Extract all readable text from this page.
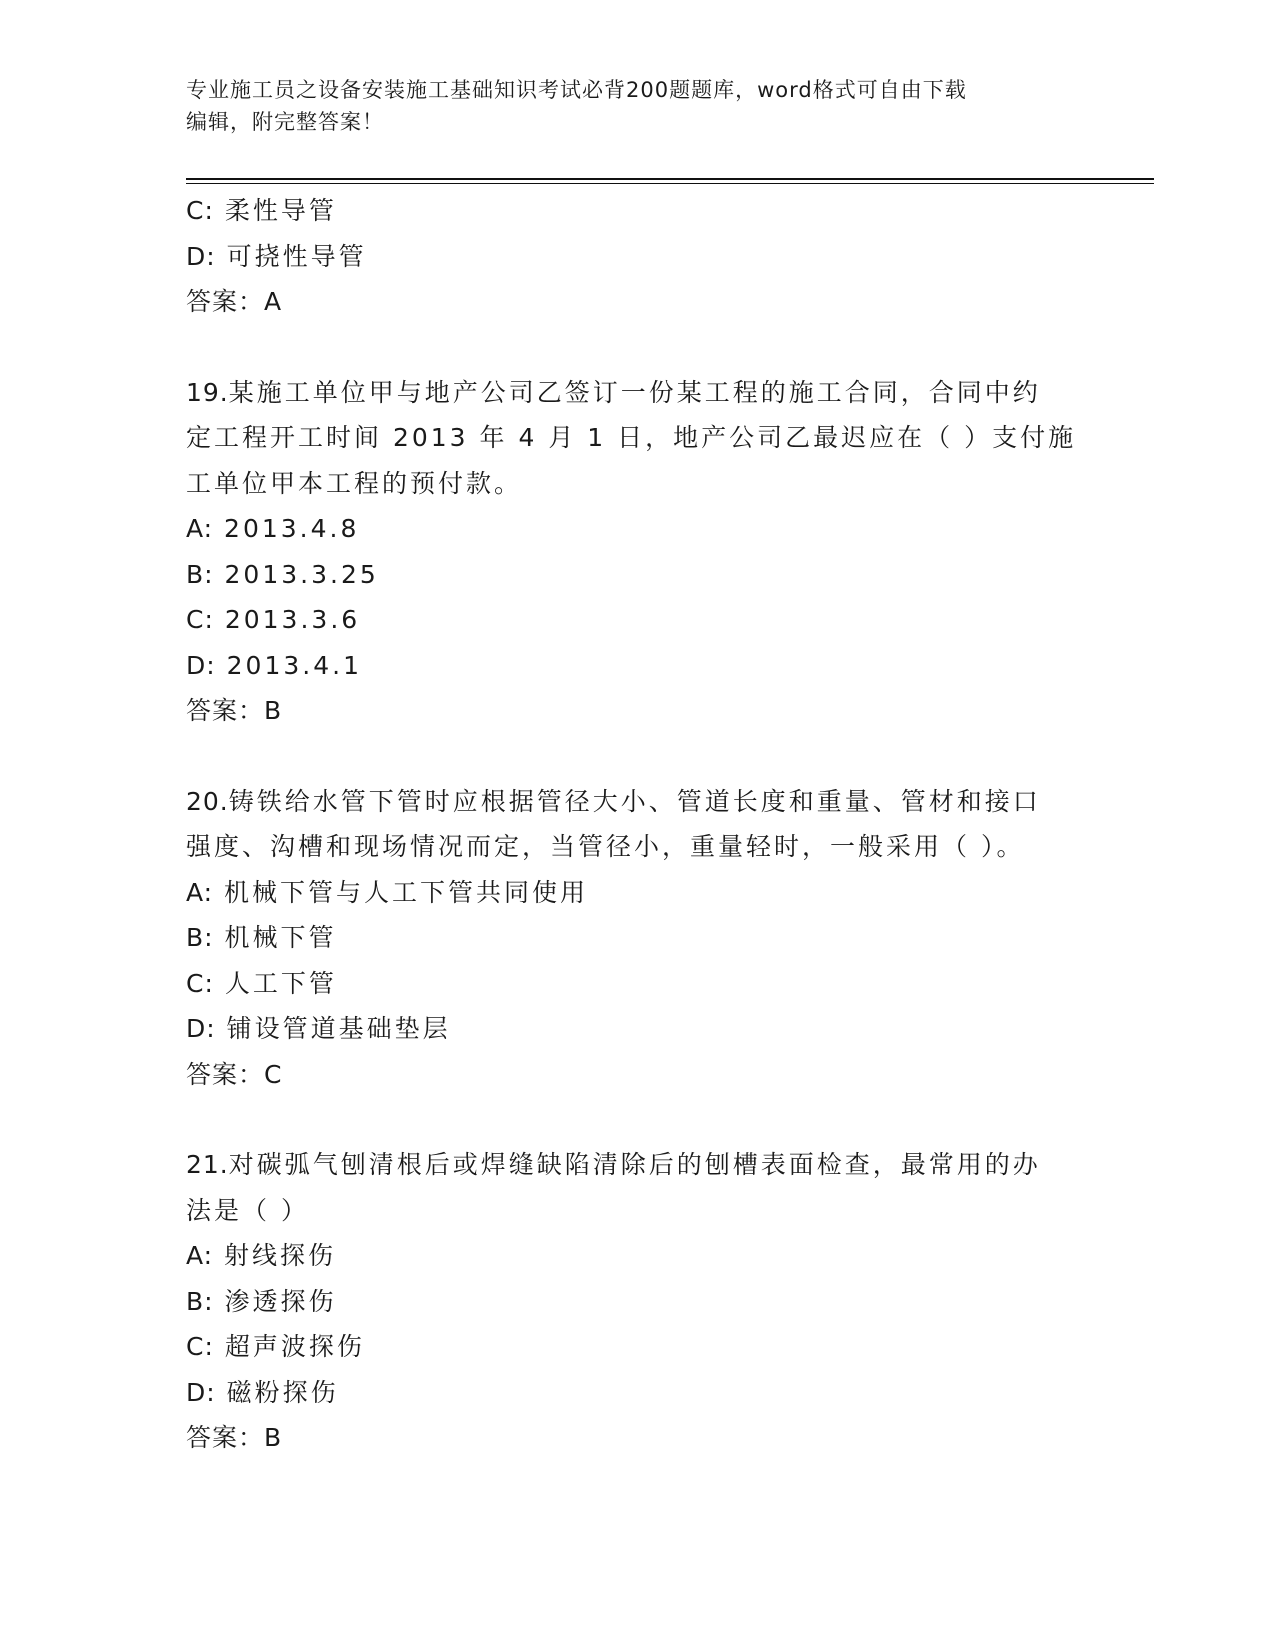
专业施工员之设备安装施工基础知识考试必背200题题库，word格式可自由下载
编辑，附完整答案！
C: 柔性导管
D: 可挠性导管
答案：A
19.某施工单位甲与地产公司乙签订一份某工程的施工合同，合同中约
定工程开工时间 2013 年 4 月 1 日，地产公司乙最迟应在（ ）支付施
工单位甲本工程的预付款。
A: 2013.4.8
B: 2013.3.25
C: 2013.3.6
D: 2013.4.1
答案：B
20.铸铁给水管下管时应根据管径大小、管道长度和重量、管材和接口
强度、沟槽和现场情况而定，当管径小，重量轻时，一般采用（ ）。
A: 机械下管与人工下管共同使用
B: 机械下管
C: 人工下管
D: 铺设管道基础垫层
答案：C
21.对碳弧气刨清根后或焊缝缺陷清除后的刨槽表面检查，最常用的办
法是（ ）
A: 射线探伤
B: 渗透探伤
C: 超声波探伤
D: 磁粉探伤
答案：B
